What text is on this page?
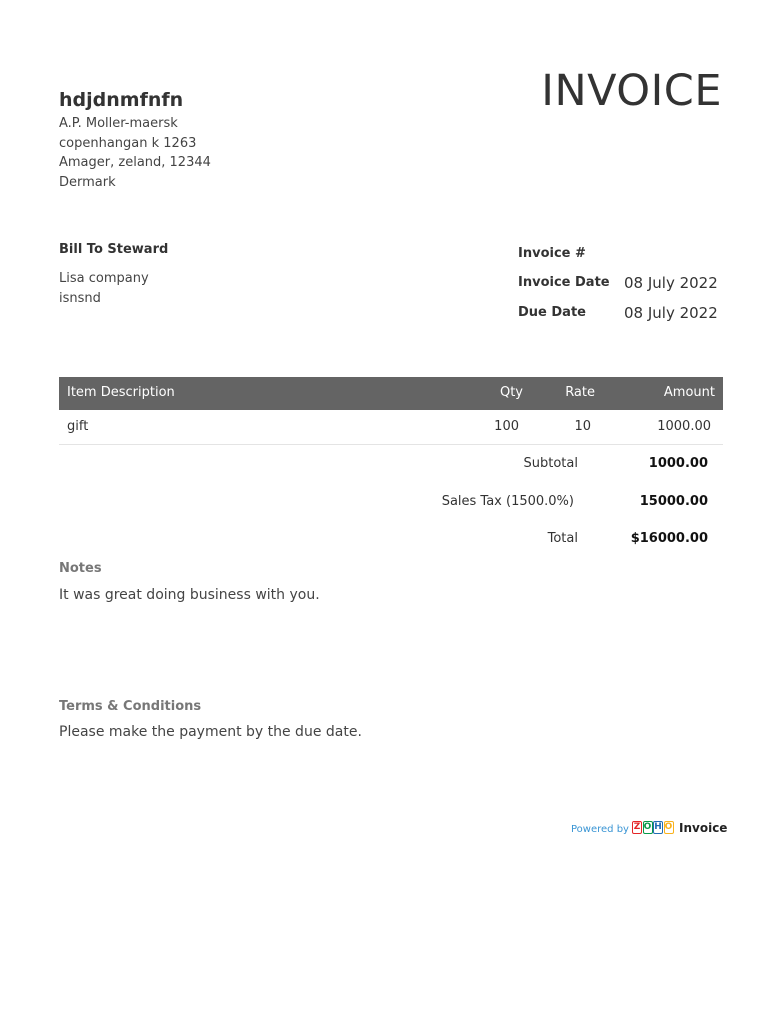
hdjdnmfnfn
A.P. Moller-maersk
copenhangan k 1263
Amager, zeland, 12344
Dermark
INVOICE
Bill To Steward
Lisa company
isnsnd
Invoice #
Invoice Date 08 July 2022
Due Date	08 July 2022
Item Description	Qty	Rate	Amount
gift	100	10	1000.00
Subtotal	1000.00
Sales Tax (1500.0%)	15000.00
Total	$16000.00
Notes
It was great doing business with you.
Terms & Conditions
Please make the payment by the due date.
Powered by Z O H O Invoice
